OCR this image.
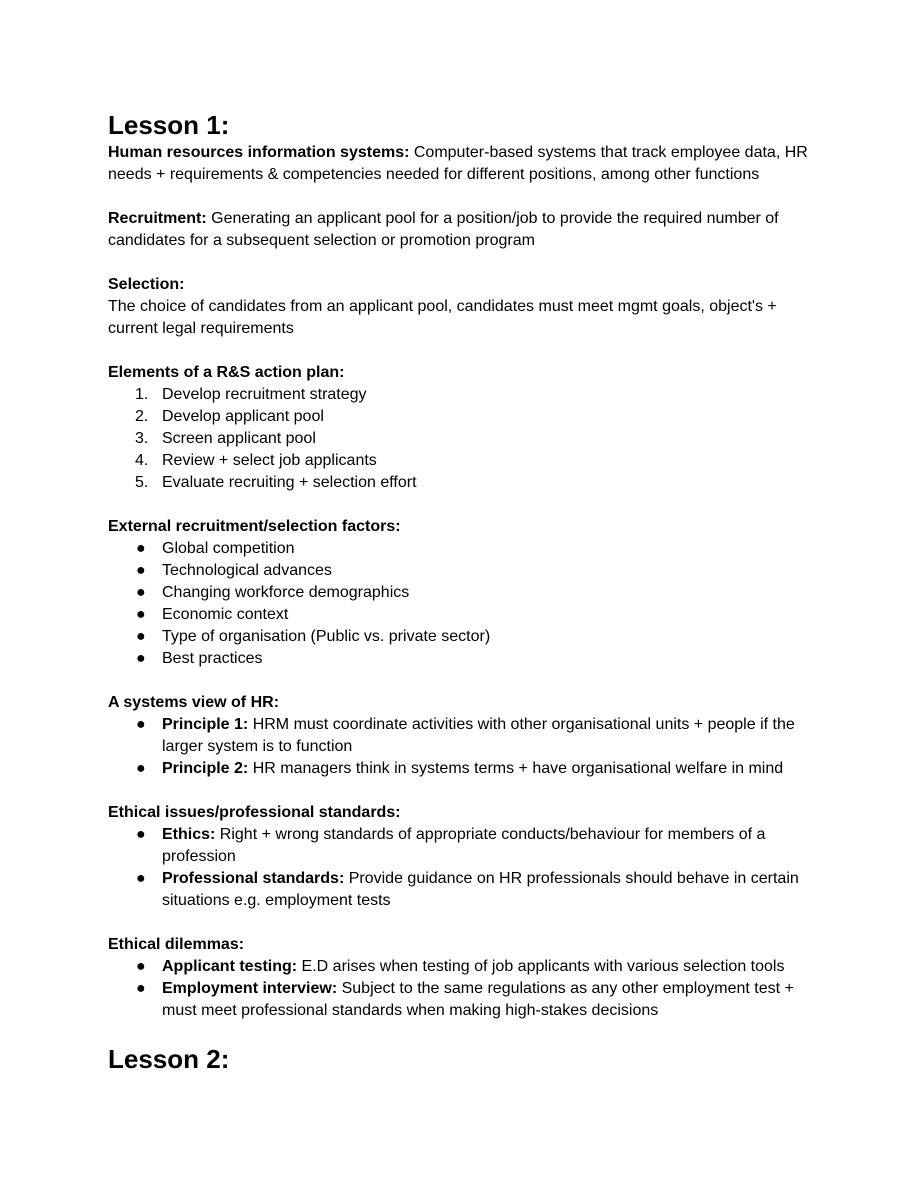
Lesson 1:

Human resources information systems: Computer-based systems that track employee data, HR needs + requirements & competencies needed for different positions, among other functions

Recruitment: Generating an applicant pool for a position/job to provide the required number of candidates for a subsequent selection or promotion program

Selection:

The choice of candidates from an applicant pool, candidates must meet mgmt goals, object's + current legal requirements

Elements of a R&S action plan:

1. Develop recruitment strategy
2. Develop applicant pool
3. Screen applicant pool
4. Review + select job applicants
5. Evaluate recruiting + selection effort

External recruitment/selection factors:

● Global competition
● Technological advances
● Changing workforce demographics
● Economic context
● Type of organisation (Public vs. private sector)
● Best practices

A systems view of HR:

● Principle 1: HRM must coordinate activities with other organisational units + people if the larger system is to function
● Principle 2: HR managers think in systems terms + have organisational welfare in mind

Ethical issues/professional standards:

● Ethics: Right + wrong standards of appropriate conducts/behaviour for members of a profession
● Professional standards: Provide guidance on HR professionals should behave in certain situations e.g. employment tests

Ethical dilemmas:

● Applicant testing: E.D arises when testing of job applicants with various selection tools
● Employment interview: Subject to the same regulations as any other employment test + must meet professional standards when making high-stakes decisions
Lesson 2:
